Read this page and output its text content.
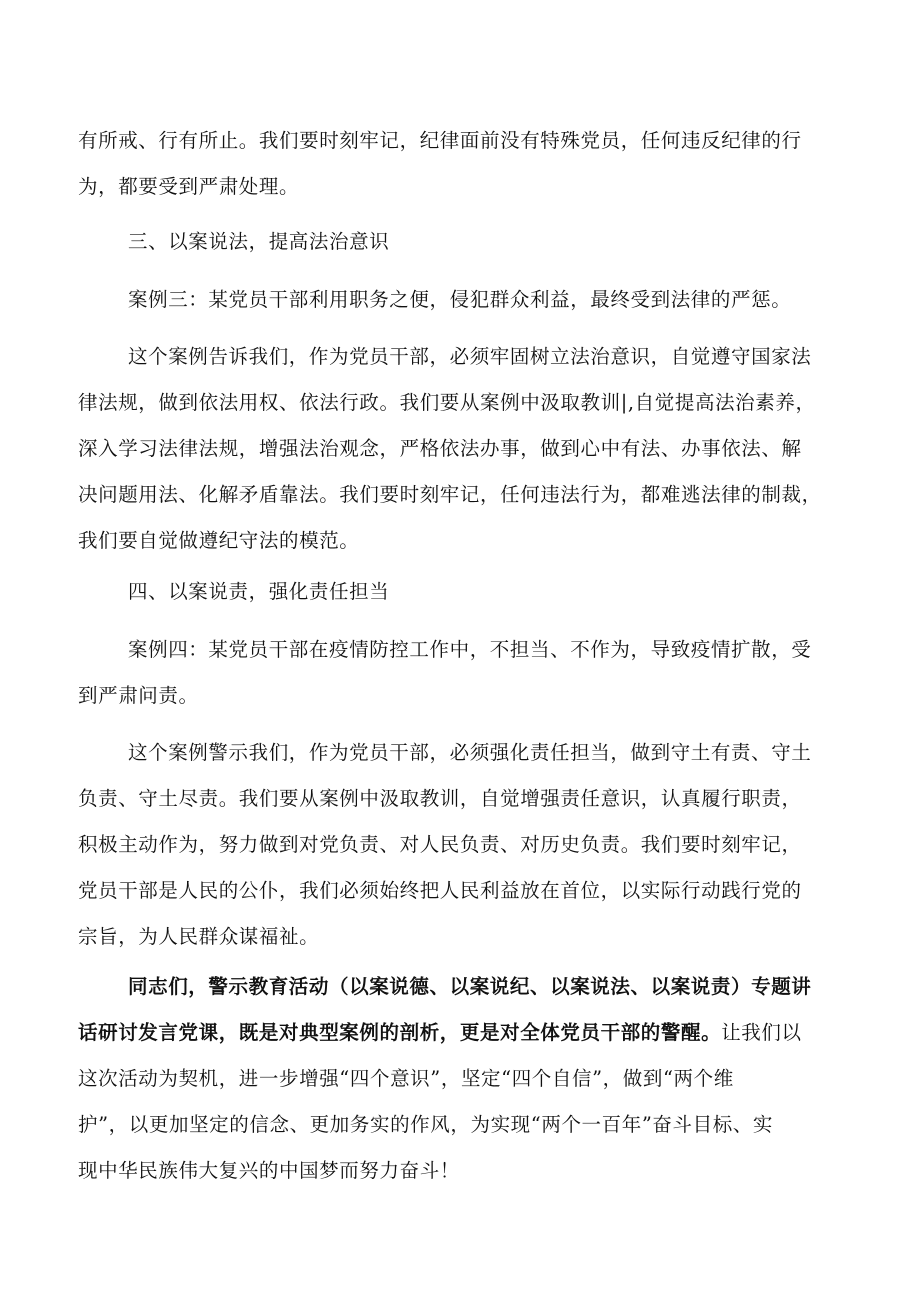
有所戒、行有所止。我们要时刻牢记，纪律面前没有特殊党员，任何违反纪律的行
为，都要受到严肃处理。
三、以案说法，提高法治意识
案例三：某党员干部利用职务之便，侵犯群众利益，最终受到法律的严惩。
这个案例告诉我们，作为党员干部，必须牢固树立法治意识，自觉遵守国家法
律法规，做到依法用权、依法行政。我们要从案例中汲取教训|,自觉提高法治素养，
深入学习法律法规，增强法治观念，严格依法办事，做到心中有法、办事依法、解
决问题用法、化解矛盾靠法。我们要时刻牢记，任何违法行为，都难逃法律的制裁，
我们要自觉做遵纪守法的模范。
四、以案说责，强化责任担当
案例四：某党员干部在疫情防控工作中，不担当、不作为，导致疫情扩散，受
到严肃问责。
这个案例警示我们，作为党员干部，必须强化责任担当，做到守土有责、守土
负责、守土尽责。我们要从案例中汲取教训，自觉增强责任意识，认真履行职责，
积极主动作为，努力做到对党负责、对人民负责、对历史负责。我们要时刻牢记，
党员干部是人民的公仆，我们必须始终把人民利益放在首位，以实际行动践行党的
宗旨，为人民群众谋福祉。
同志们，警示教育活动（以案说德、以案说纪、以案说法、以案说责）专题讲
话研讨发言党课，既是对典型案例的剖析，更是对全体党员干部的警醒。让我们以
这次活动为契机，进一步增强“四个意识”，坚定“四个自信”，做到“两个维
护”，以更加坚定的信念、更加务实的作风，为实现“两个一百年”奋斗目标、实
现中华民族伟大复兴的中国梦而努力奋斗！
